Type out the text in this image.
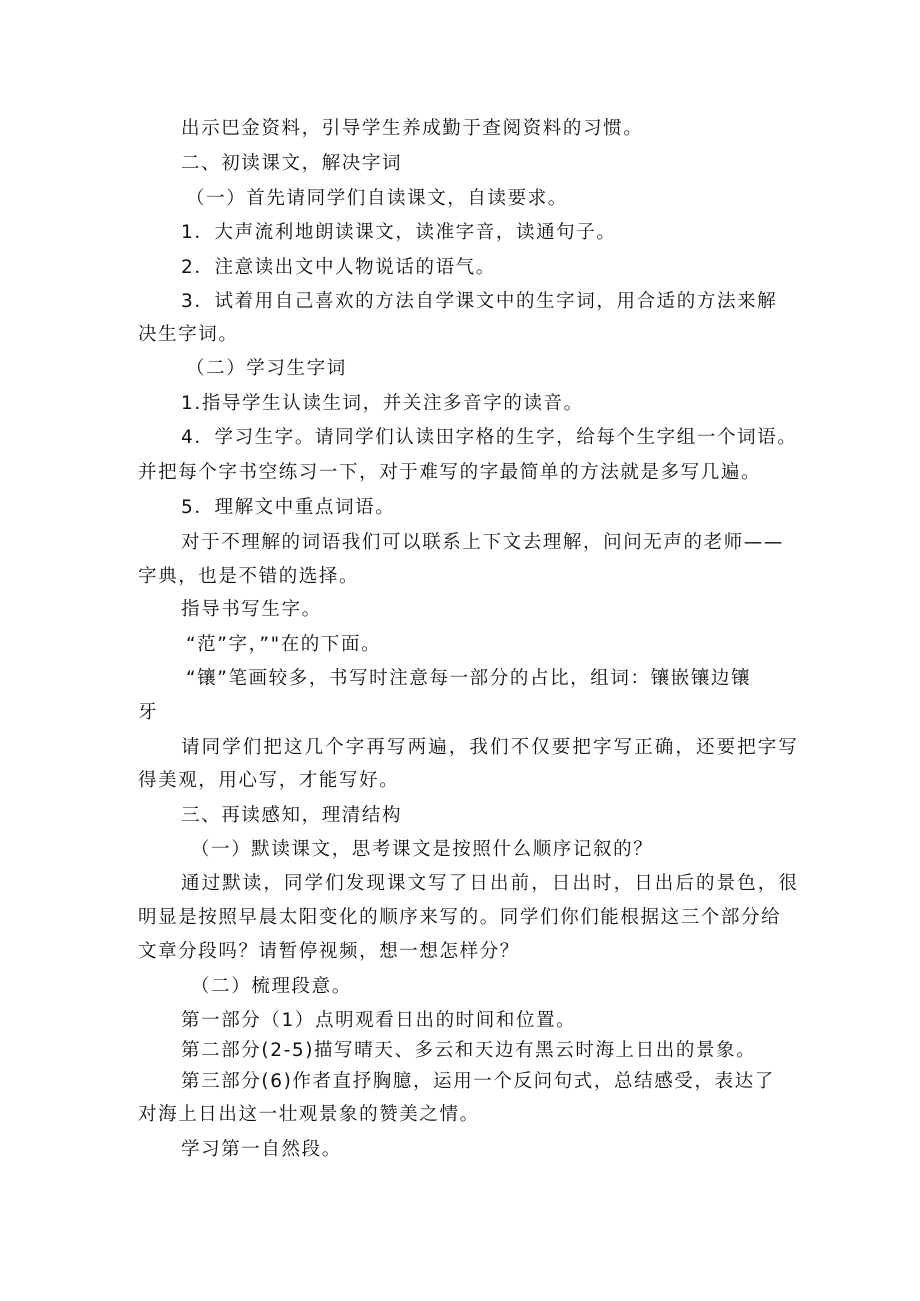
出示巴金资料，引导学生养成勤于查阅资料的习惯。
二、初读课文，解决字词
（一）首先请同学们自读课文，自读要求。
1．大声流利地朗读课文，读准字音，读通句子。
2．注意读出文中人物说话的语气。
3．试着用自己喜欢的方法自学课文中的生字词，用合适的方法来解
决生字词。
（二）学习生字词
1.指导学生认读生词，并关注多音字的读音。
4．学习生字。请同学们认读田字格的生字，给每个生字组一个词语。
并把每个字书空练习一下，对于难写的字最简单的方法就是多写几遍。
5．理解文中重点词语。
对于不理解的词语我们可以联系上下文去理解，问问无声的老师——
字典，也是不错的选择。
指导书写生字。
“范”字，”"在的下面。
“镶”笔画较多，书写时注意每一部分的占比，组词：镶嵌镶边镶
牙
请同学们把这几个字再写两遍，我们不仅要把字写正确，还要把字写
得美观，用心写，才能写好。
三、再读感知，理清结构
（一）默读课文，思考课文是按照什么顺序记叙的？
通过默读，同学们发现课文写了日出前，日出时，日出后的景色，很
明显是按照早晨太阳变化的顺序来写的。同学们你们能根据这三个部分给
文章分段吗？请暂停视频，想一想怎样分？
（二）梳理段意。
第一部分（1）点明观看日出的时间和位置。
第二部分(2-5)描写晴天、多云和天边有黑云时海上日出的景象。
第三部分(6)作者直抒胸臆，运用一个反问句式，总结感受，表达了
对海上日出这一壮观景象的赞美之情。
学习第一自然段。
